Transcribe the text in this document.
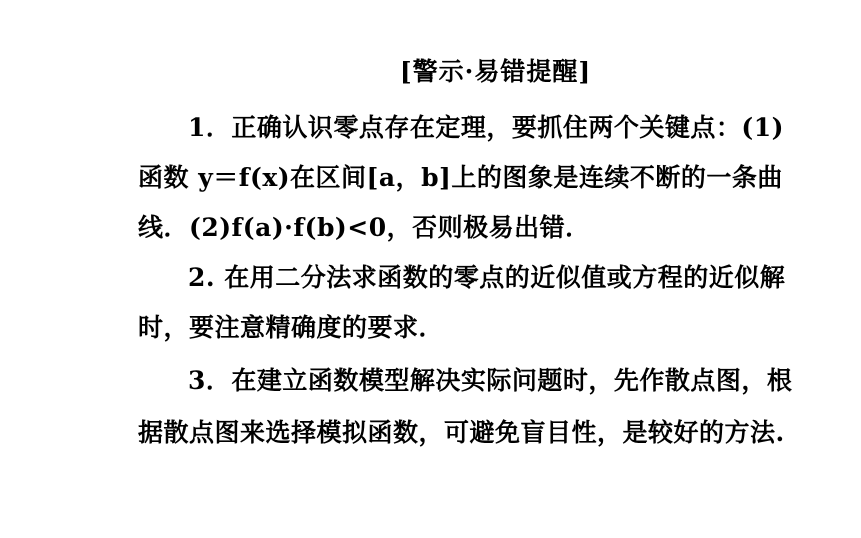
[警示·易错提醒]
1．正确认识零点存在定理，要抓住两个关键点：(1)
函数 y＝f(x)在区间[a，b]上的图象是连续不断的一条曲
线．(2)f(a)·f(b)<0，否则极易出错．
2. 在用二分法求函数的零点的近似值或方程的近似解
时，要注意精确度的要求．
3．在建立函数模型解决实际问题时，先作散点图，根
据散点图来选择模拟函数，可避免盲目性，是较好的方法.
